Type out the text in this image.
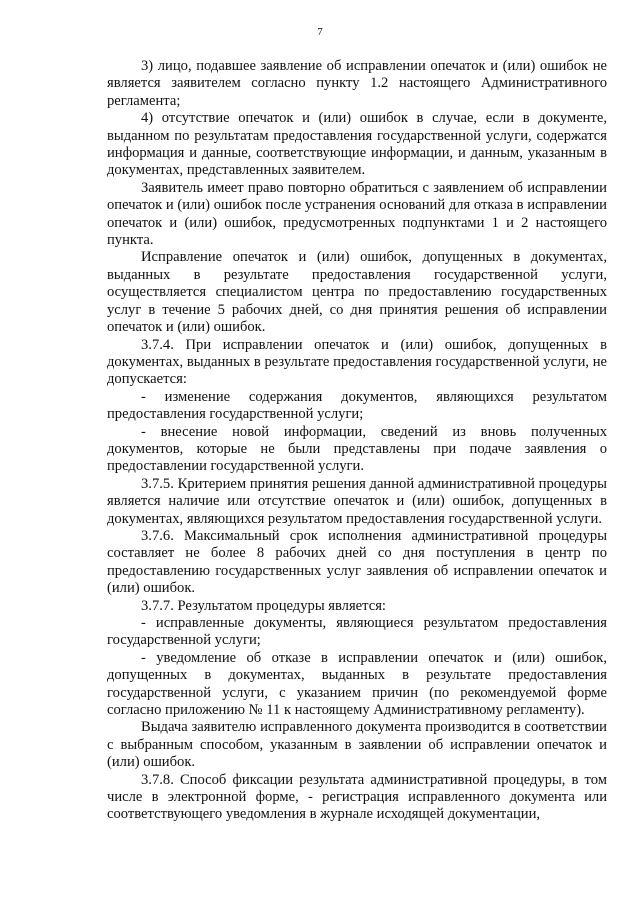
7

3) лицо, подавшее заявление об исправлении опечаток и (или) ошибок не является заявителем согласно пункту 1.2 настоящего Административного регламента;

4) отсутствие опечаток и (или) ошибок в случае, если в документе, выданном по результатам предоставления государственной услуги, содержатся информация и данные, соответствующие информации, и данным, указанным в документах, представленных заявителем.

Заявитель имеет право повторно обратиться с заявлением об исправлении опечаток и (или) ошибок после устранения оснований для отказа в исправлении опечаток и (или) ошибок, предусмотренных подпунктами 1 и 2 настоящего пункта.

Исправление опечаток и (или) ошибок, допущенных в документах, выданных в результате предоставления государственной услуги, осуществляется специалистом центра по предоставлению государственных услуг в течение 5 рабочих дней, со дня принятия решения об исправлении опечаток и (или) ошибок.

3.7.4. При исправлении опечаток и (или) ошибок, допущенных в документах, выданных в результате предоставления государственной услуги, не допускается:

- изменение содержания документов, являющихся результатом предоставления государственной услуги;

- внесение новой информации, сведений из вновь полученных документов, которые не были представлены при подаче заявления о предоставлении государственной услуги.

3.7.5. Критерием принятия решения данной административной процедуры является наличие или отсутствие опечаток и (или) ошибок, допущенных в документах, являющихся результатом предоставления государственной услуги.

3.7.6. Максимальный срок исполнения административной процедуры составляет не более 8 рабочих дней со дня поступления в центр по предоставлению государственных услуг заявления об исправлении опечаток и (или) ошибок.

3.7.7. Результатом процедуры является:

- исправленные документы, являющиеся результатом предоставления государственной услуги;

- уведомление об отказе в исправлении опечаток и (или) ошибок, допущенных в документах, выданных в результате предоставления государственной услуги, с указанием причин (по рекомендуемой форме согласно приложению № 11 к настоящему Административному регламенту).

Выдача заявителю исправленного документа производится в соответствии с выбранным способом, указанным в заявлении об исправлении опечаток и (или) ошибок.

3.7.8. Способ фиксации результата административной процедуры, в том числе в электронной форме, - регистрация исправленного документа или соответствующего уведомления в журнале исходящей документации,
